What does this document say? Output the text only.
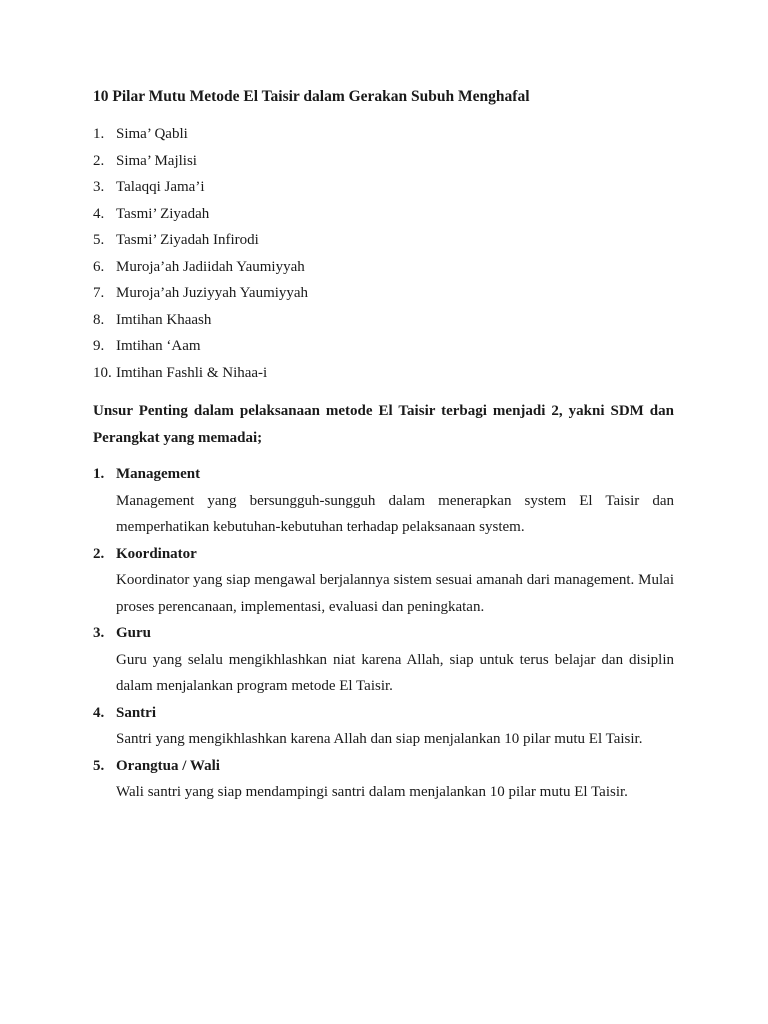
10 Pilar Mutu Metode El Taisir dalam Gerakan Subuh Menghafal

1. Sima’ Qabli
2. Sima’ Majlisi
3. Talaqqi Jama’i
4. Tasmi’ Ziyadah
5. Tasmi’ Ziyadah Infirodi
6. Muroja’ah Jadiidah Yaumiyyah
7. Muroja’ah Juziyyah Yaumiyyah
8. Imtihan Khaash
9. Imtihan ‘Aam
10. Imtihan Fashli & Nihaa-i

Unsur Penting dalam pelaksanaan metode El Taisir terbagi menjadi 2, yakni SDM dan Perangkat yang memadai;

1. Management

Management yang bersungguh-sungguh dalam menerapkan system El Taisir dan memperhatikan kebutuhan-kebutuhan terhadap pelaksanaan system.

2. Koordinator

Koordinator yang siap mengawal berjalannya sistem sesuai amanah dari management. Mulai proses perencanaan, implementasi, evaluasi dan peningkatan.

3. Guru

Guru yang selalu mengikhlashkan niat karena Allah, siap untuk terus belajar dan disiplin dalam menjalankan program metode El Taisir.

4. Santri

Santri yang mengikhlashkan karena Allah dan siap menjalankan 10 pilar mutu El Taisir.

5. Orangtua / Wali

Wali santri yang siap mendampingi santri dalam menjalankan 10 pilar mutu El Taisir.
